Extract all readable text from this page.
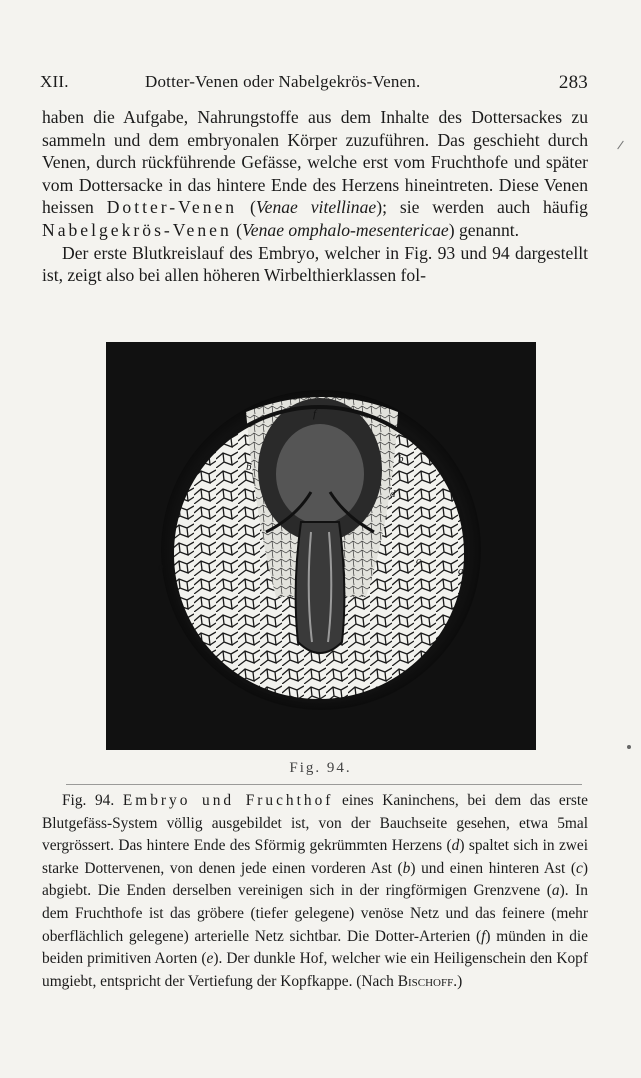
XII.	Dotter-Venen oder Nabelgekrös-Venen.	283

haben die Aufgabe, Nahrungstoffe aus dem Inhalte des Dottersackes zu sammeln und dem embryonalen Körper zuzuführen. Das geschieht durch Venen, durch rückführende Gefässe, welche erst vom Fruchthofe und später vom Dottersacke in das hintere Ende des Herzens hineintreten. Diese Venen heissen Dotter-Venen (Venae vitellinae); sie werden auch häufig Nabelgekrös-Venen (Venae omphalo-mesentericae) genannt.

Der erste Blutkreislauf des Embryo, welcher in Fig. 93 und 94 dargestellt ist, zeigt also bei allen höheren Wirbelthierklassen fol-

b
f
d
b
a	c
a
Fig. 94.

Fig. 94. Embryo und Fruchthof eines Kaninchens, bei dem das erste Blutgefäss-System völlig ausgebildet ist, von der Bauchseite gesehen, etwa 5mal vergrössert. Das hintere Ende des Sförmig gekrümmten Herzens (d) spaltet sich in zwei starke Dottervenen, von denen jede einen vorderen Ast (b) und einen hinteren Ast (c) abgiebt. Die Enden derselben vereinigen sich in der ringförmigen Grenzvene (a). In dem Fruchthofe ist das gröbere (tiefer gelegene) venöse Netz und das feinere (mehr oberflächlich gelegene) arterielle Netz sichtbar. Die Dotter-Arterien (f) münden in die beiden primitiven Aorten (e). Der dunkle Hof, welcher wie ein Heiligenschein den Kopf umgiebt, entspricht der Vertiefung der Kopfkappe. (Nach Bischoff.)
